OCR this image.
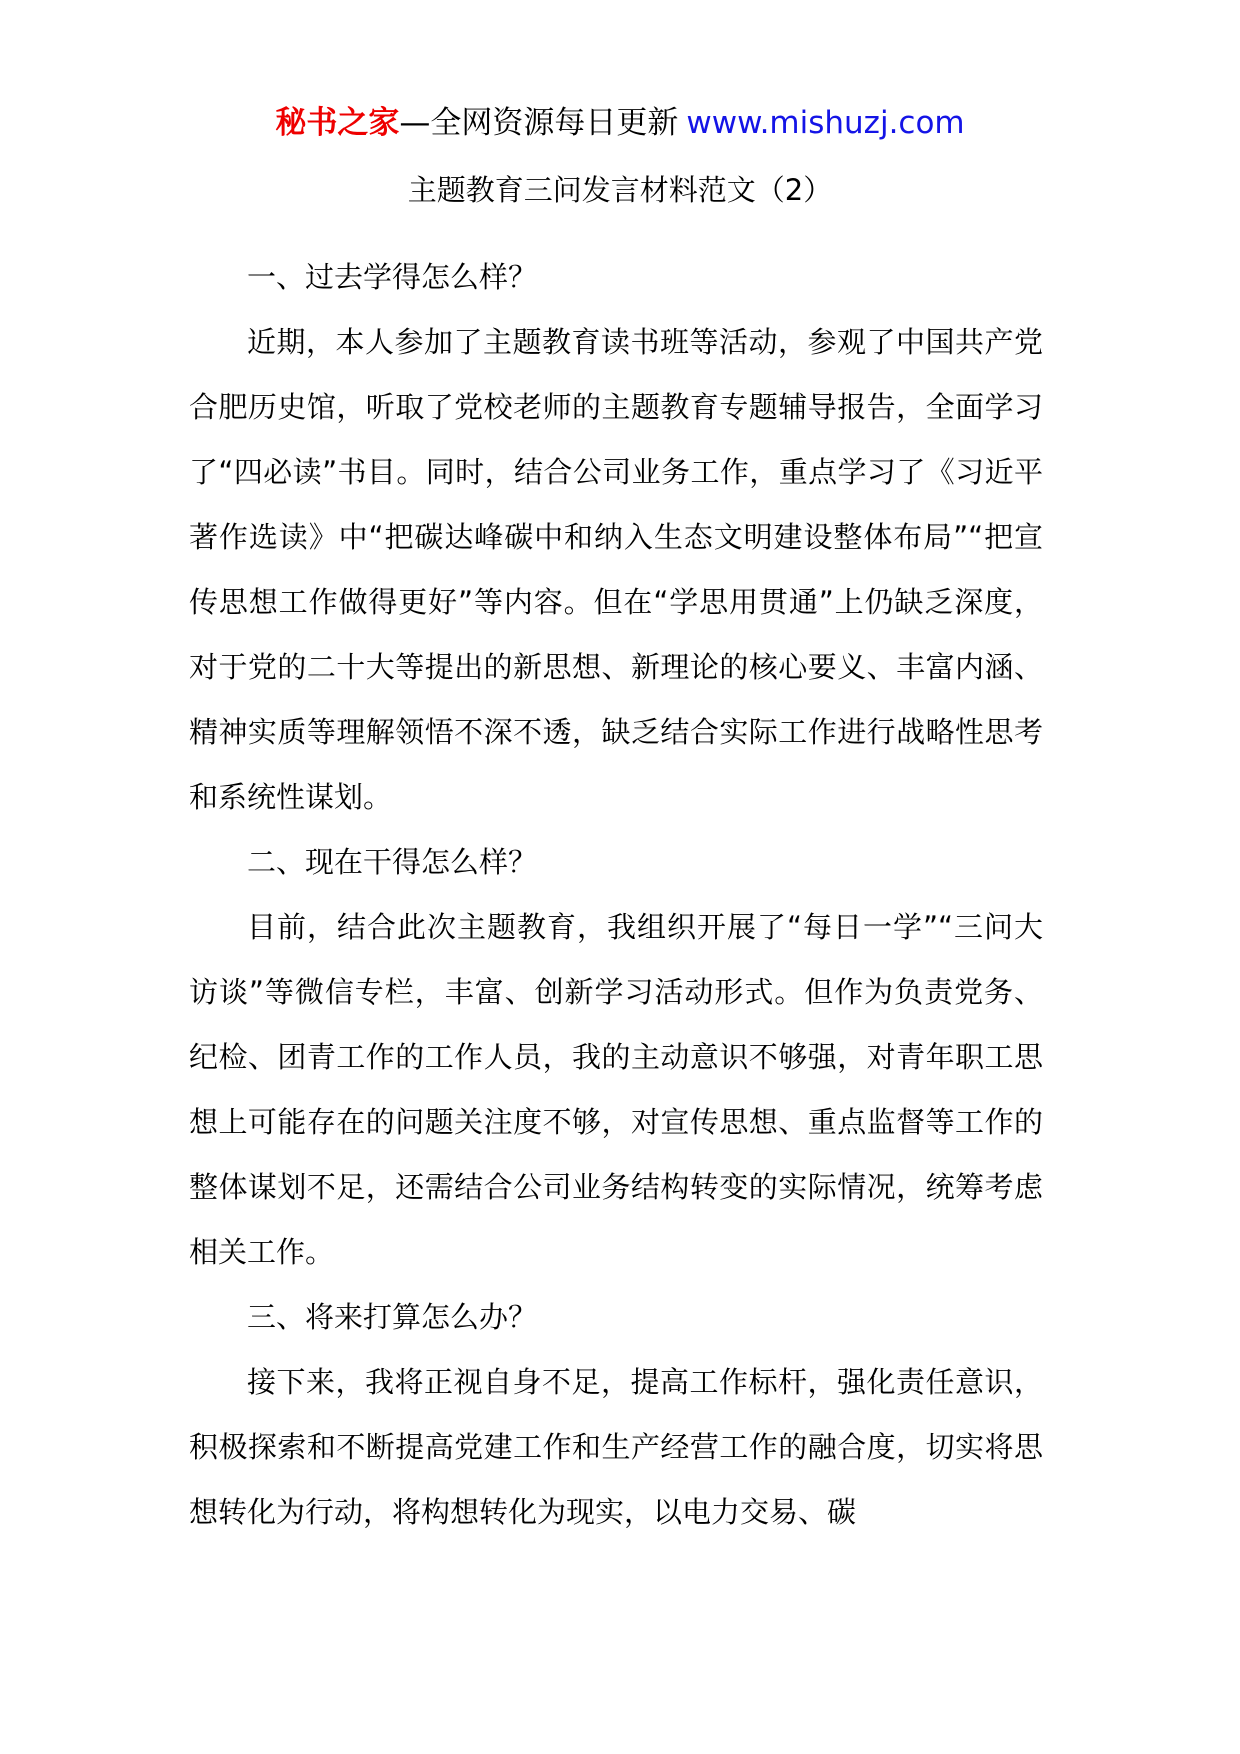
秘书之家—全网资源每日更新 www.mishuzj.com
主题教育三问发言材料范文（2）

一、过去学得怎么样？

近期，本人参加了主题教育读书班等活动，参观了中国共产党合肥历史馆，听取了党校老师的主题教育专题辅导报告，全面学习了“四必读”书目。同时，结合公司业务工作，重点学习了《习近平著作选读》中“把碳达峰碳中和纳入生态文明建设整体布局”“把宣传思想工作做得更好”等内容。但在“学思用贯通”上仍缺乏深度，对于党的二十大等提出的新思想、新理论的核心要义、丰富内涵、精神实质等理解领悟不深不透，缺乏结合实际工作进行战略性思考和系统性谋划。

二、现在干得怎么样？

目前，结合此次主题教育，我组织开展了“每日一学”“三问大访谈”等微信专栏，丰富、创新学习活动形式。但作为负责党务、纪检、团青工作的工作人员，我的主动意识不够强，对青年职工思想上可能存在的问题关注度不够，对宣传思想、重点监督等工作的整体谋划不足，还需结合公司业务结构转变的实际情况，统筹考虑相关工作。

三、将来打算怎么办？

接下来，我将正视自身不足，提高工作标杆，强化责任意识，积极探索和不断提高党建工作和生产经营工作的融合度，切实将思想转化为行动，将构想转化为现实，以电力交易、碳
